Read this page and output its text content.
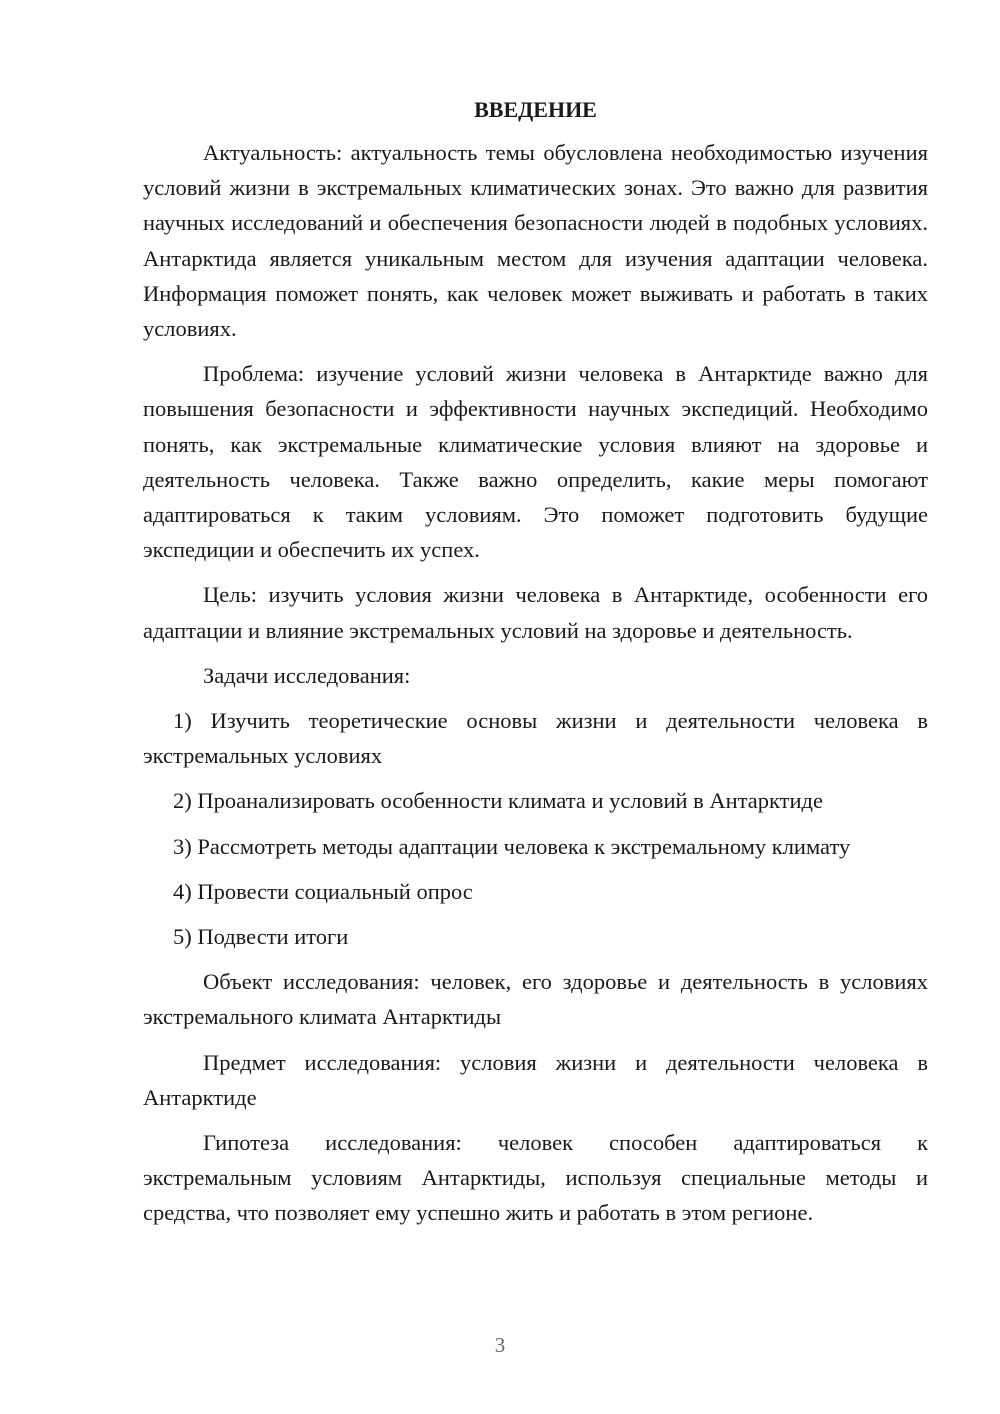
ВВЕДЕНИЕ

Актуальность: актуальность темы обусловлена необходимостью изучения условий жизни в экстремальных климатических зонах. Это важно для развития научных исследований и обеспечения безопасности людей в подобных условиях. Антарктида является уникальным местом для изучения адаптации человека. Информация поможет понять, как человек может выживать и работать в таких условиях.

Проблема: изучение условий жизни человека в Антарктиде важно для повышения безопасности и эффективности научных экспедиций. Необходимо понять, как экстремальные климатические условия влияют на здоровье и деятельность человека. Также важно определить, какие меры помогают адаптироваться к таким условиям. Это поможет подготовить будущие экспедиции и обеспечить их успех.

Цель: изучить условия жизни человека в Антарктиде, особенности его адаптации и влияние экстремальных условий на здоровье и деятельность.

Задачи исследования:

1) Изучить теоретические основы жизни и деятельности человека в экстремальных условиях

2) Проанализировать особенности климата и условий в Антарктиде

3) Рассмотреть методы адаптации человека к экстремальному климату

4) Провести социальный опрос

5) Подвести итоги

Объект исследования: человек, его здоровье и деятельность в условиях экстремального климата Антарктиды

Предмет исследования: условия жизни и деятельности человека в Антарктиде

Гипотеза исследования: человек способен адаптироваться к экстремальным условиям Антарктиды, используя специальные методы и средства, что позволяет ему успешно жить и работать в этом регионе.

3
